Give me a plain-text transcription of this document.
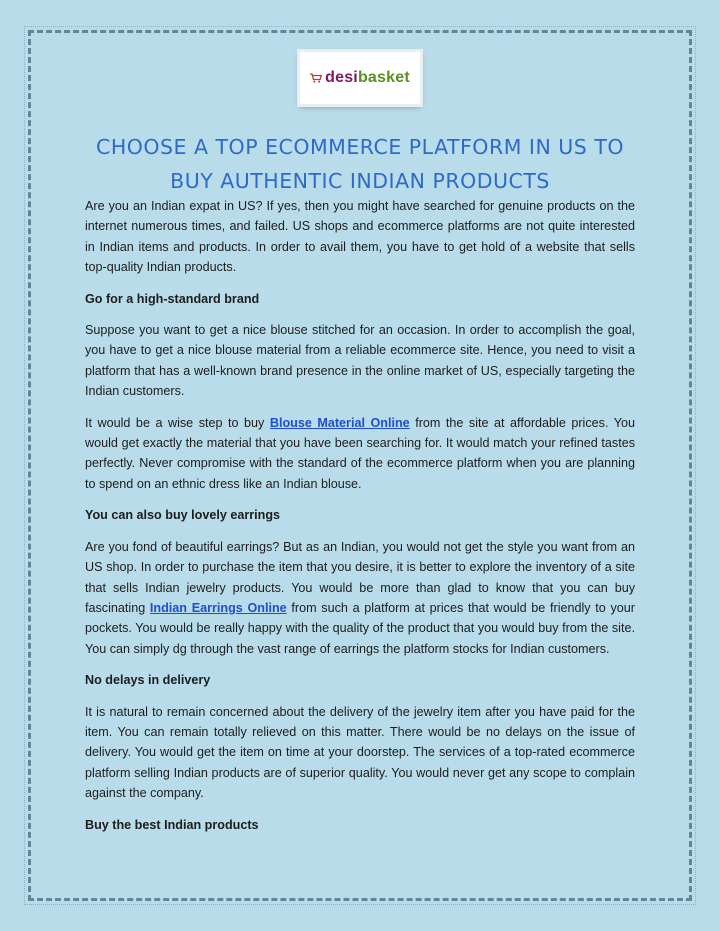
desibasket
CHOOSE A TOP ECOMMERCE PLATFORM IN US TO BUY AUTHENTIC INDIAN PRODUCTS

Are you an Indian expat in US? If yes, then you might have searched for genuine products on the internet numerous times, and failed. US shops and ecommerce platforms are not quite interested in Indian items and products. In order to avail them, you have to get hold of a website that sells top-quality Indian products.

Go for a high-standard brand

Suppose you want to get a nice blouse stitched for an occasion. In order to accomplish the goal, you have to get a nice blouse material from a reliable ecommerce site. Hence, you need to visit a platform that has a well-known brand presence in the online market of US, especially targeting the Indian customers.

It would be a wise step to buy Blouse Material Online from the site at affordable prices. You would get exactly the material that you have been searching for. It would match your refined tastes perfectly. Never compromise with the standard of the ecommerce platform when you are planning to spend on an ethnic dress like an Indian blouse.

You can also buy lovely earrings

Are you fond of beautiful earrings? But as an Indian, you would not get the style you want from an US shop. In order to purchase the item that you desire, it is better to explore the inventory of a site that sells Indian jewelry products. You would be more than glad to know that you can buy fascinating Indian Earrings Online from such a platform at prices that would be friendly to your pockets. You would be really happy with the quality of the product that you would buy from the site. You can simply dg through the vast range of earrings the platform stocks for Indian customers.

No delays in delivery

It is natural to remain concerned about the delivery of the jewelry item after you have paid for the item. You can remain totally relieved on this matter. There would be no delays on the issue of delivery. You would get the item on time at your doorstep. The services of a top-rated ecommerce platform selling Indian products are of superior quality. You would never get any scope to complain against the company.

Buy the best Indian products
